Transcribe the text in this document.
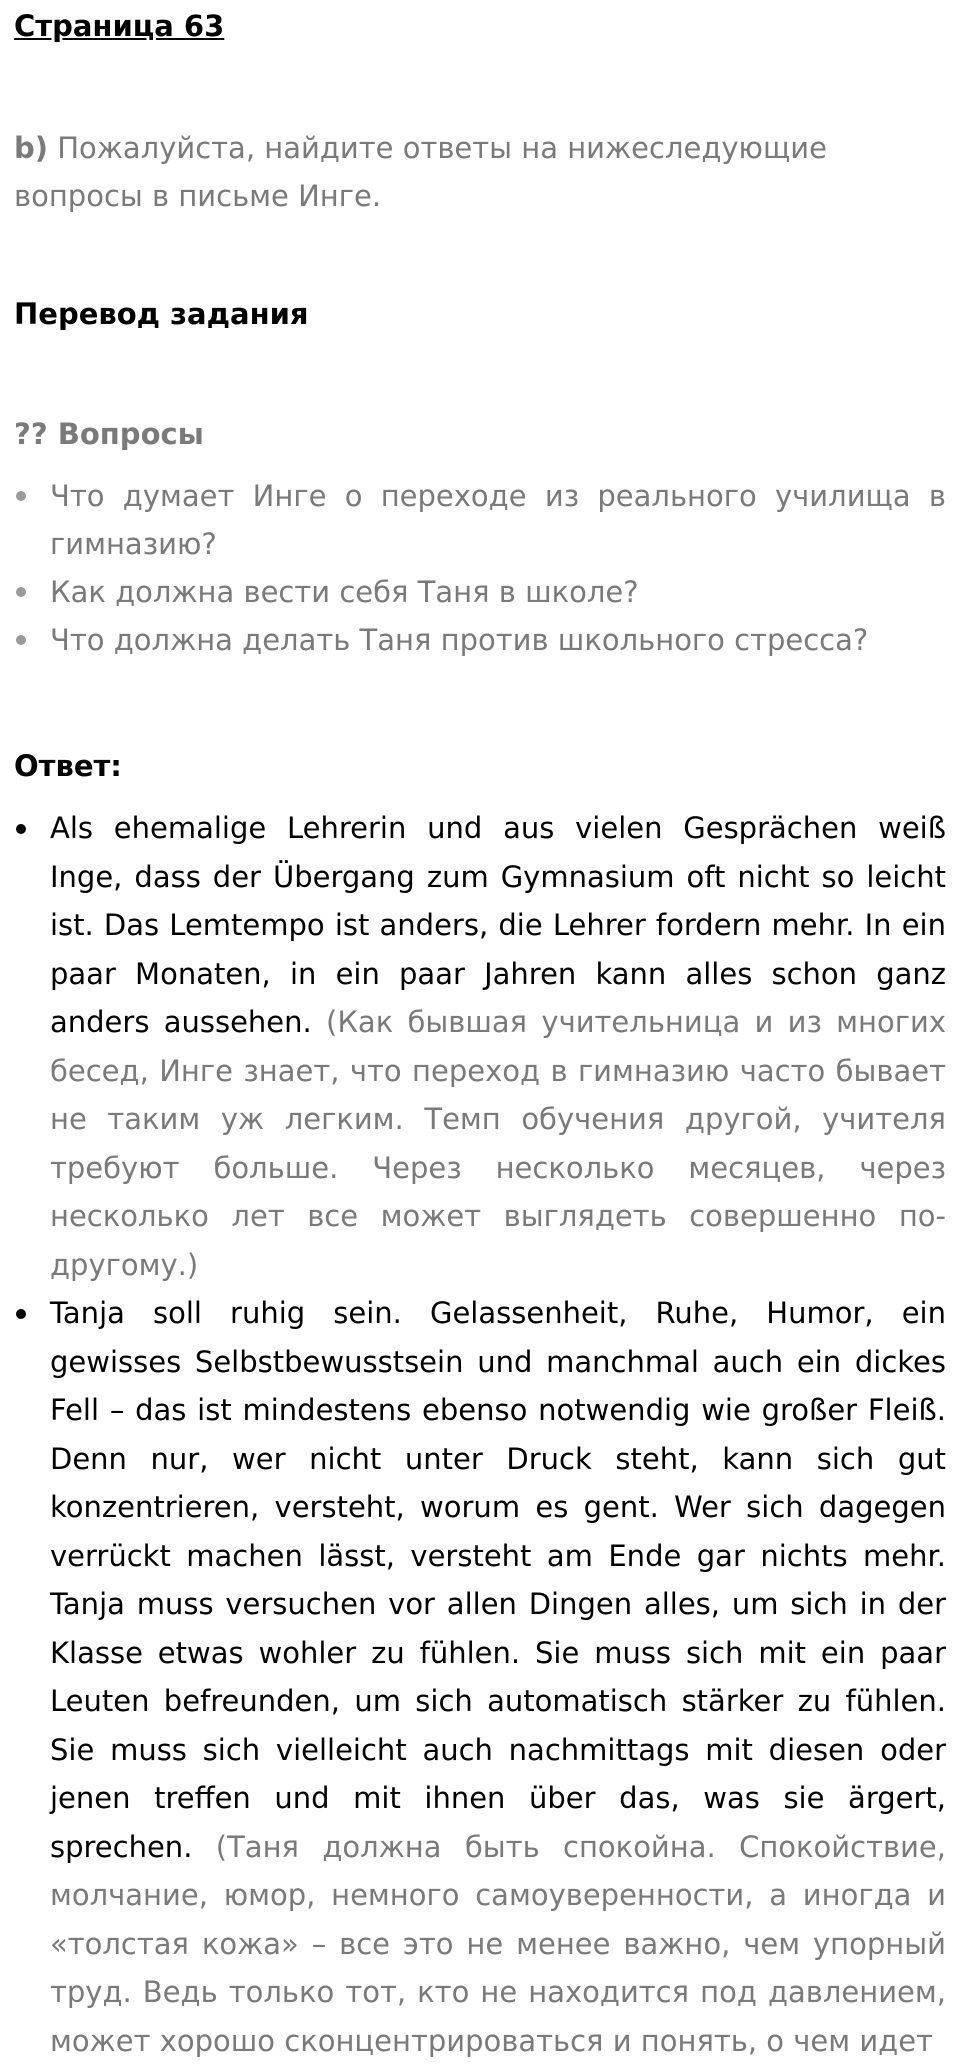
Страница 63
b) Пожалуйста, найдите ответы на нижеследующие вопросы в письме Инге.
Перевод задания
?? Вопросы
Что думает Инге о переходе из реального училища в гимназию?
Как должна вести себя Таня в школе?
Что должна делать Таня против школьного стресса?
Ответ:
Als ehemalige Lehrerin und aus vielen Gesprächen weiß Inge, dass der Übergang zum Gymnasium oft nicht so leicht ist. Das Lemtempo ist anders, die Lehrer fordern mehr. In ein paar Monaten, in ein paar Jahren kann alles schon ganz anders aussehen. (Как бывшая учительница и из многих бесед, Инге знает, что переход в гимназию часто бывает не таким уж легким. Темп обучения другой, учителя требуют больше. Через несколько месяцев, через несколько лет все может выглядеть совершенно по-другому.)
Tanja soll ruhig sein. Gelassenheit, Ruhe, Humor, ein gewisses Selbstbewusstsein und manchmal auch ein dickes Fell – das ist mindestens ebenso notwendig wie großer Fleiß. Denn nur, wer nicht unter Druck steht, kann sich gut konzentrieren, versteht, worum es gent. Wer sich dagegen verrückt machen lässt, versteht am Ende gar nichts mehr. Tanja muss versuchen vor allen Dingen alles, um sich in der Klasse etwas wohler zu fühlen. Sie muss sich mit ein paar Leuten befreunden, um sich automatisch stärker zu fühlen. Sie muss sich vielleicht auch nachmittags mit diesen oder jenen treffen und mit ihnen über das, was sie ärgert, sprechen. (Таня должна быть спокойна. Спокойствие, молчание, юмор, немного самоуверенности, а иногда и «толстая кожа» – все это не менее важно, чем упорный труд. Ведь только тот, кто не находится под давлением, может хорошо сконцентрироваться и понять, о чем идет
